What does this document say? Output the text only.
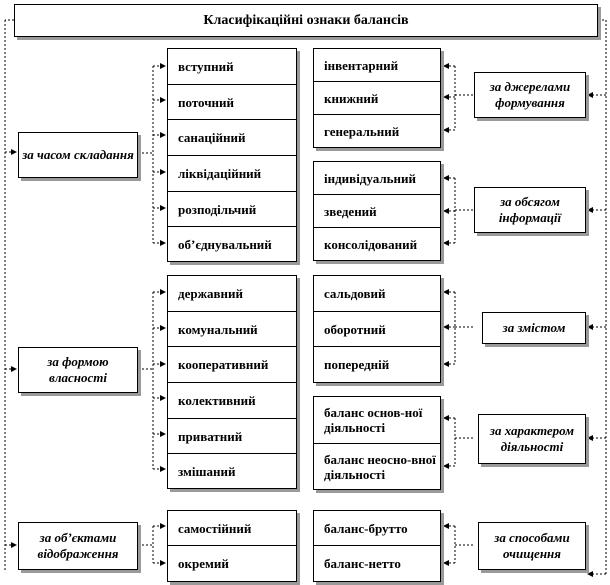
Класифікаційні ознаки балансів
за часом складання
за формою власності
за об’єктами відображення
за джерелами формування
за обсягом інформації
за змістом
за характером діяльності
за способами очищення
вступний
поточний
санаційний
ліквідаційний
розподільчий
об’єднувальний
державний
комунальний
кооперативний
колективний
приватний
змішаний
самостійний
окремий
інвентарний
книжний
генеральний
індивідуальний
зведений
консолідований
сальдовий
оборотний
попередній
баланс основ-ної діяльності
баланс неосно-вної діяльності
баланс-брутто
баланс-нетто
